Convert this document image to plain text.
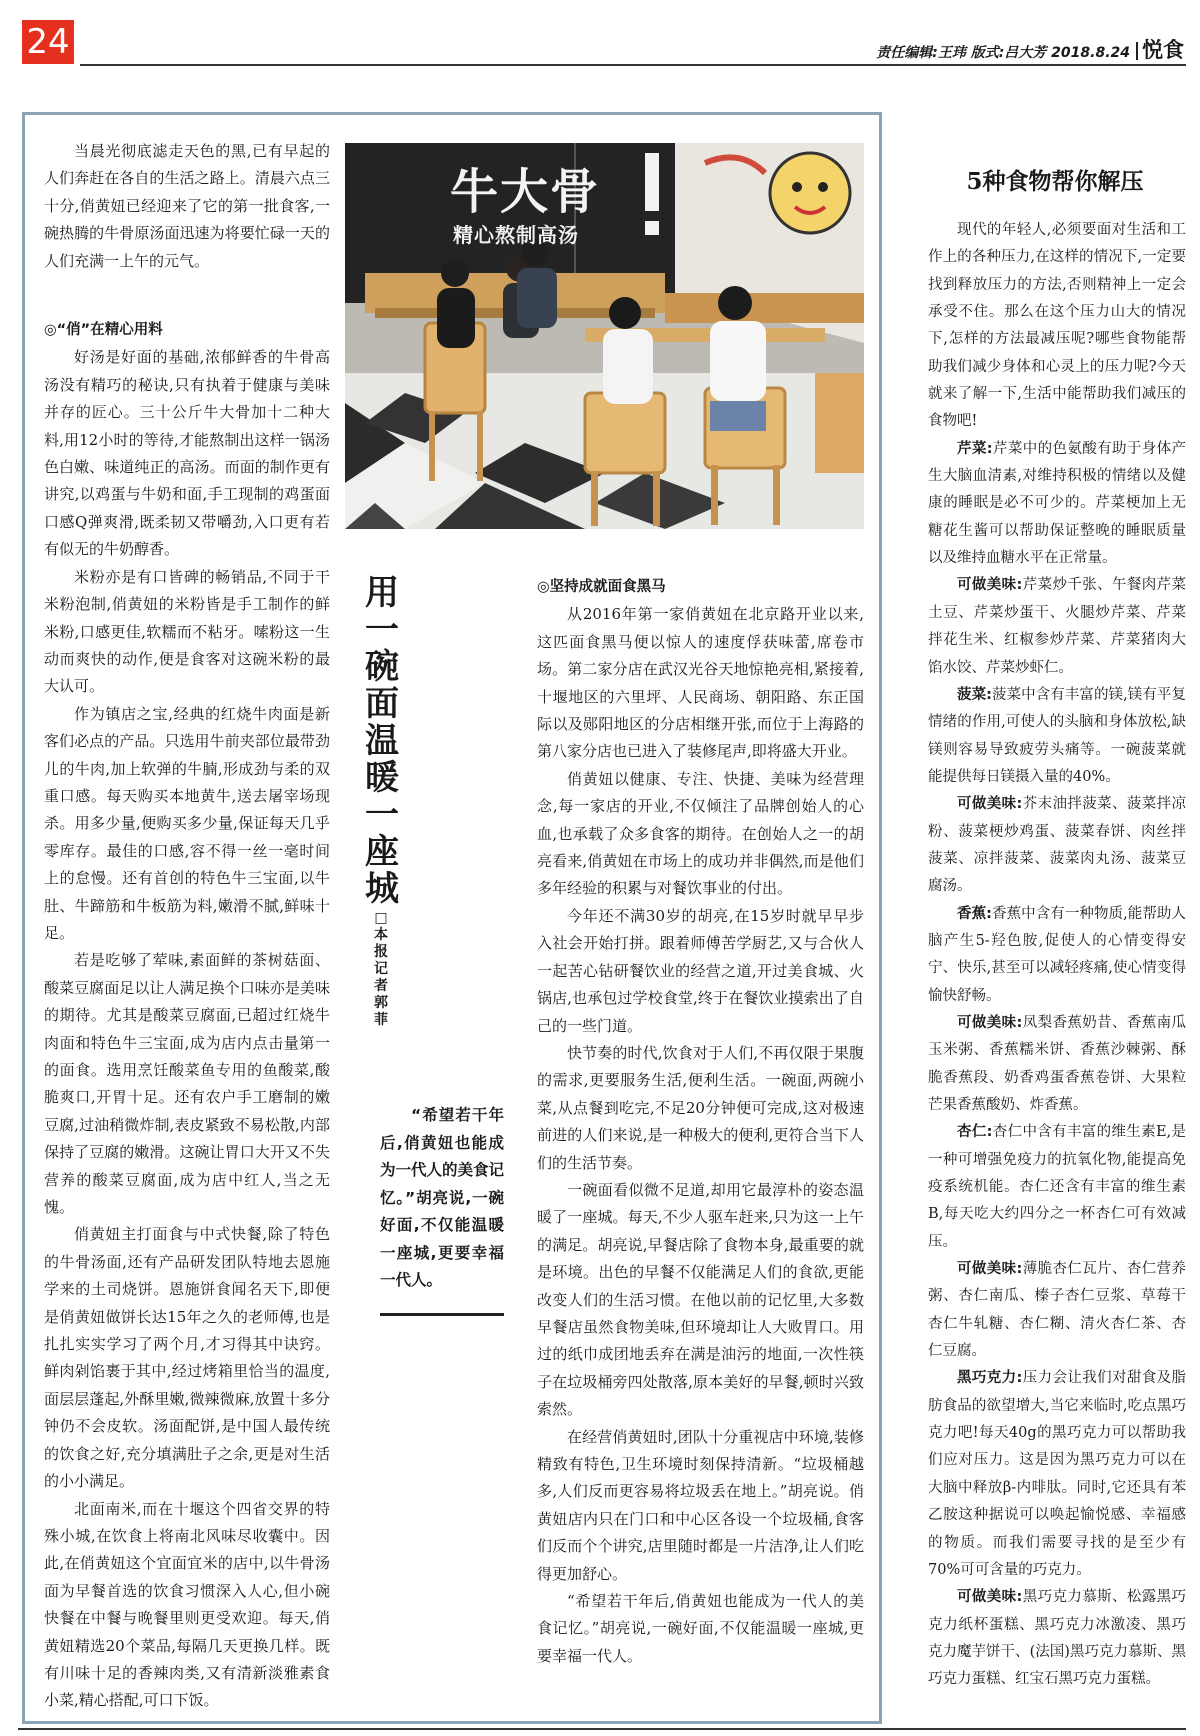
24	责任编辑:王玮 版式:吕大芳 2018.8.24 悦食

当晨光彻底滤走天色的黑,已有早起的人们奔赶在各自的生活之路上。清晨六点三十分,俏黄妞已经迎来了它的第一批食客,一碗热腾的牛骨原汤面迅速为将要忙碌一天的人们充满一上午的元气。

◎“俏”在精心用料

好汤是好面的基础,浓郁鲜香的牛骨高汤没有精巧的秘诀,只有执着于健康与美味并存的匠心。三十公斤牛大骨加十二种大料,用12小时的等待,才能熬制出这样一锅汤色白嫩、味道纯正的高汤。而面的制作更有讲究,以鸡蛋与牛奶和面,手工现制的鸡蛋面口感Q弹爽滑,既柔韧又带嚼劲,入口更有若有似无的牛奶醇香。

米粉亦是有口皆碑的畅销品,不同于干米粉泡制,俏黄妞的米粉皆是手工制作的鲜米粉,口感更佳,软糯而不粘牙。嗦粉这一生动而爽快的动作,便是食客对这碗米粉的最大认可。

作为镇店之宝,经典的红烧牛肉面是新客们必点的产品。只选用牛前夹部位最带劲儿的牛肉,加上软弹的牛腩,形成劲与柔的双重口感。每天购买本地黄牛,送去屠宰场现杀。用多少量,便购买多少量,保证每天几乎零库存。最佳的口感,容不得一丝一毫时间上的怠慢。还有首创的特色牛三宝面,以牛肚、牛蹄筋和牛板筋为料,嫩滑不腻,鲜味十足。

若是吃够了荤味,素面鲜的茶树菇面、酸菜豆腐面足以让人满足换个口味亦是美味的期待。尤其是酸菜豆腐面,已超过红烧牛肉面和特色牛三宝面,成为店内点击量第一的面食。选用烹饪酸菜鱼专用的鱼酸菜,酸脆爽口,开胃十足。还有农户手工磨制的嫩豆腐,过油稍微炸制,表皮紧致不易松散,内部保持了豆腐的嫩滑。这碗让胃口大开又不失营养的酸菜豆腐面,成为店中红人,当之无愧。

俏黄妞主打面食与中式快餐,除了特色的牛骨汤面,还有产品研发团队特地去恩施学来的土司烧饼。恩施饼食闻名天下,即便是俏黄妞做饼长达15年之久的老师傅,也是扎扎实实学习了两个月,才习得其中诀窍。鲜肉剁馅裹于其中,经过烤箱里恰当的温度,面层层蓬起,外酥里嫩,微辣微麻,放置十多分钟仍不会皮软。汤面配饼,是中国人最传统的饮食之好,充分填满肚子之余,更是对生活的小小满足。

北面南米,而在十堰这个四省交界的特殊小城,在饮食上将南北风味尽收囊中。因此,在俏黄妞这个宜面宜米的店中,以牛骨汤面为早餐首选的饮食习惯深入人心,但小碗快餐在中餐与晚餐里则更受欢迎。每天,俏黄妞精选20个菜品,每隔几天更换几样。既有川味十足的香辣肉类,又有清新淡雅素食小菜,精心搭配,可口下饭。

牛大骨
精心熬制高汤
用一碗面温暖一座城
□本报记者 郭菲
“希望若干年后,俏黄妞也能成为一代人的美食记忆。”胡亮说,一碗好面,不仅能温暖一座城,更要幸福一代人。

◎坚持成就面食黑马

从2016年第一家俏黄妞在北京路开业以来,这匹面食黑马便以惊人的速度俘获味蕾,席卷市场。第二家分店在武汉光谷天地惊艳亮相,紧接着,十堰地区的六里坪、人民商场、朝阳路、东正国际以及郧阳地区的分店相继开张,而位于上海路的第八家分店也已进入了装修尾声,即将盛大开业。

俏黄妞以健康、专注、快捷、美味为经营理念,每一家店的开业,不仅倾注了品牌创始人的心血,也承载了众多食客的期待。在创始人之一的胡亮看来,俏黄妞在市场上的成功并非偶然,而是他们多年经验的积累与对餐饮事业的付出。

今年还不满30岁的胡亮,在15岁时就早早步入社会开始打拼。跟着师傅苦学厨艺,又与合伙人一起苦心钻研餐饮业的经营之道,开过美食城、火锅店,也承包过学校食堂,终于在餐饮业摸索出了自己的一些门道。

快节奏的时代,饮食对于人们,不再仅限于果腹的需求,更要服务生活,便利生活。一碗面,两碗小菜,从点餐到吃完,不足20分钟便可完成,这对极速前进的人们来说,是一种极大的便利,更符合当下人们的生活节奏。

一碗面看似微不足道,却用它最淳朴的姿态温暖了一座城。每天,不少人驱车赶来,只为这一上午的满足。胡亮说,早餐店除了食物本身,最重要的就是环境。出色的早餐不仅能满足人们的食欲,更能改变人们的生活习惯。在他以前的记忆里,大多数早餐店虽然食物美味,但环境却让人大败胃口。用过的纸巾成团地丢弃在满是油污的地面,一次性筷子在垃圾桶旁四处散落,原本美好的早餐,顿时兴致索然。

在经营俏黄妞时,团队十分重视店中环境,装修精致有特色,卫生环境时刻保持清新。“垃圾桶越多,人们反而更容易将垃圾丢在地上。”胡亮说。俏黄妞店内只在门口和中心区各设一个垃圾桶,食客们反而个个讲究,店里随时都是一片洁净,让人们吃得更加舒心。

“希望若干年后,俏黄妞也能成为一代人的美食记忆。”胡亮说,一碗好面,不仅能温暖一座城,更要幸福一代人。

5种食物帮你解压

现代的年轻人,必须要面对生活和工作上的各种压力,在这样的情况下,一定要找到释放压力的方法,否则精神上一定会承受不住。那么在这个压力山大的情况下,怎样的方法最减压呢?哪些食物能帮助我们减少身体和心灵上的压力呢?今天就来了解一下,生活中能帮助我们减压的食物吧!

芹菜:芹菜中的色氨酸有助于身体产生大脑血清素,对维持积极的情绪以及健康的睡眠是必不可少的。芹菜梗加上无糖花生酱可以帮助保证整晚的睡眠质量以及维持血糖水平在正常量。

可做美味:芹菜炒千张、午餐肉芹菜土豆、芹菜炒蛋干、火腿炒芹菜、芹菜拌花生米、红椒参炒芹菜、芹菜猪肉大馅水饺、芹菜炒虾仁。

菠菜:菠菜中含有丰富的镁,镁有平复情绪的作用,可使人的头脑和身体放松,缺镁则容易导致疲劳头痛等。一碗菠菜就能提供每日镁摄入量的40%。

可做美味:芥末油拌菠菜、菠菜拌凉粉、菠菜梗炒鸡蛋、菠菜春饼、肉丝拌菠菜、凉拌菠菜、菠菜肉丸汤、菠菜豆腐汤。

香蕉:香蕉中含有一种物质,能帮助人脑产生5-羟色胺,促使人的心情变得安宁、快乐,甚至可以减轻疼痛,使心情变得愉快舒畅。

可做美味:凤梨香蕉奶昔、香蕉南瓜玉米粥、香蕉糯米饼、香蕉沙棘粥、酥脆香蕉段、奶香鸡蛋香蕉卷饼、大果粒芒果香蕉酸奶、炸香蕉。

杏仁:杏仁中含有丰富的维生素E,是一种可增强免疫力的抗氧化物,能提高免疫系统机能。杏仁还含有丰富的维生素B,每天吃大约四分之一杯杏仁可有效减压。

可做美味:薄脆杏仁瓦片、杏仁营养粥、杏仁南瓜、榛子杏仁豆浆、草莓干杏仁牛轧糖、杏仁糊、清火杏仁茶、杏仁豆腐。

黑巧克力:压力会让我们对甜食及脂肪食品的欲望增大,当它来临时,吃点黑巧克力吧!每天40g的黑巧克力可以帮助我们应对压力。这是因为黑巧克力可以在大脑中释放β-内啡肽。同时,它还具有苯乙胺这种据说可以唤起愉悦感、幸福感的物质。而我们需要寻找的是至少有70%可可含量的巧克力。

可做美味:黑巧克力慕斯、松露黑巧克力纸杯蛋糕、黑巧克力冰激凌、黑巧克力魔芋饼干、(法国)黑巧克力慕斯、黑巧克力蛋糕、红宝石黑巧克力蛋糕。
